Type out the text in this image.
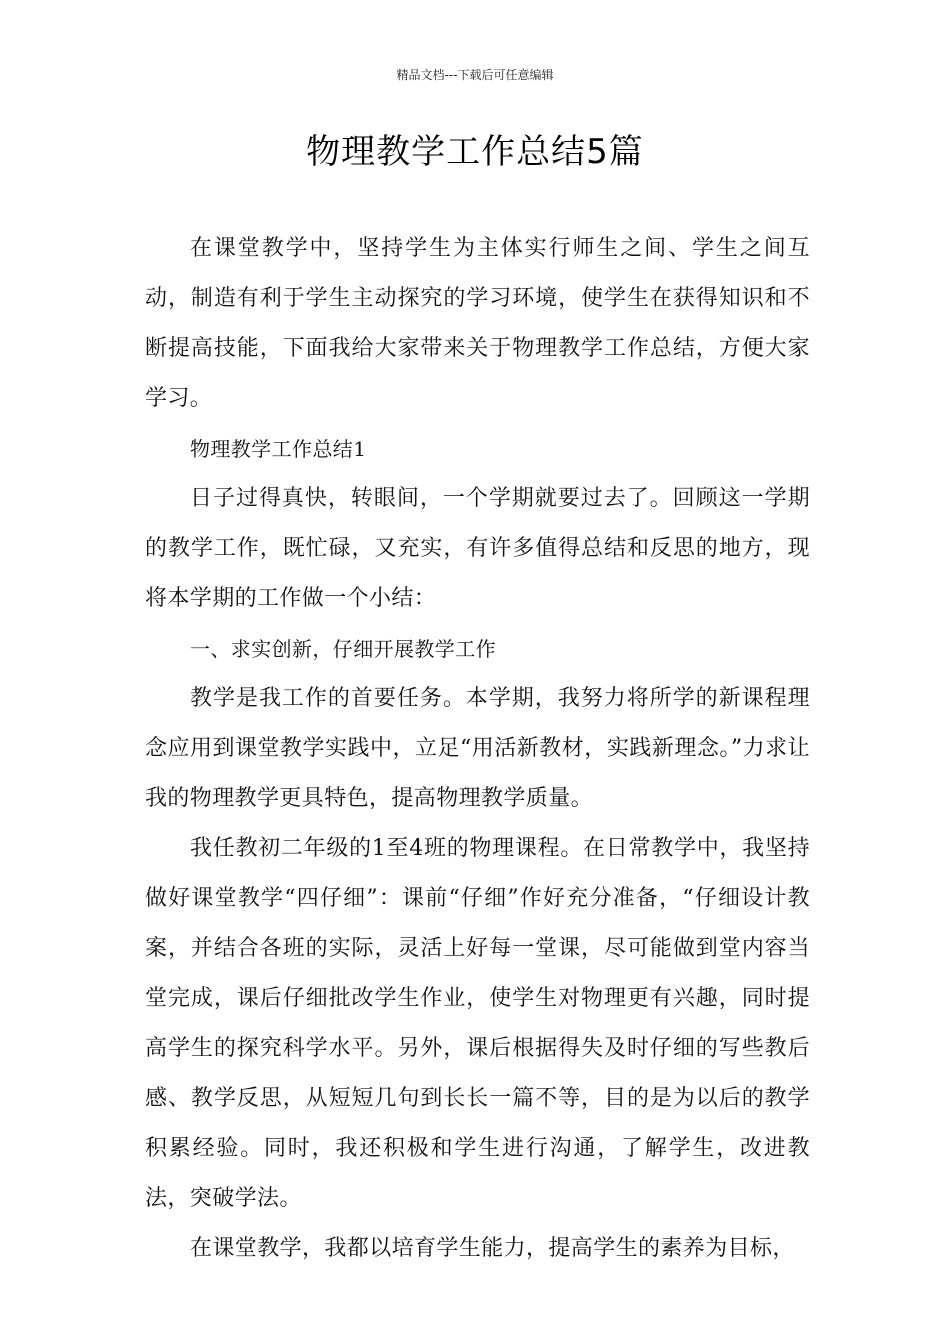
精品文档---下载后可任意编辑
物理教学工作总结5篇

在课堂教学中，坚持学生为主体实行师生之间、学生之间互动，制造有利于学生主动探究的学习环境，使学生在获得知识和不断提高技能，下面我给大家带来关于物理教学工作总结，方便大家学习。

物理教学工作总结1

日子过得真快，转眼间，一个学期就要过去了。回顾这一学期的教学工作，既忙碌，又充实，有许多值得总结和反思的地方，现将本学期的工作做一个小结：

一、求实创新，仔细开展教学工作

教学是我工作的首要任务。本学期，我努力将所学的新课程理念应用到课堂教学实践中，立足“用活新教材，实践新理念。”力求让我的物理教学更具特色，提高物理教学质量。

我任教初二年级的1至4班的物理课程。在日常教学中，我坚持做好课堂教学“四仔细”：课前“仔细”作好充分准备，“仔细设计教案，并结合各班的实际，灵活上好每一堂课，尽可能做到堂内容当堂完成，课后仔细批改学生作业，使学生对物理更有兴趣，同时提高学生的探究科学水平。另外，课后根据得失及时仔细的写些教后感、教学反思，从短短几句到长长一篇不等，目的是为以后的教学积累经验。同时，我还积极和学生进行沟通，了解学生，改进教法，突破学法。

在课堂教学，我都以培育学生能力，提高学生的素养为目标，
